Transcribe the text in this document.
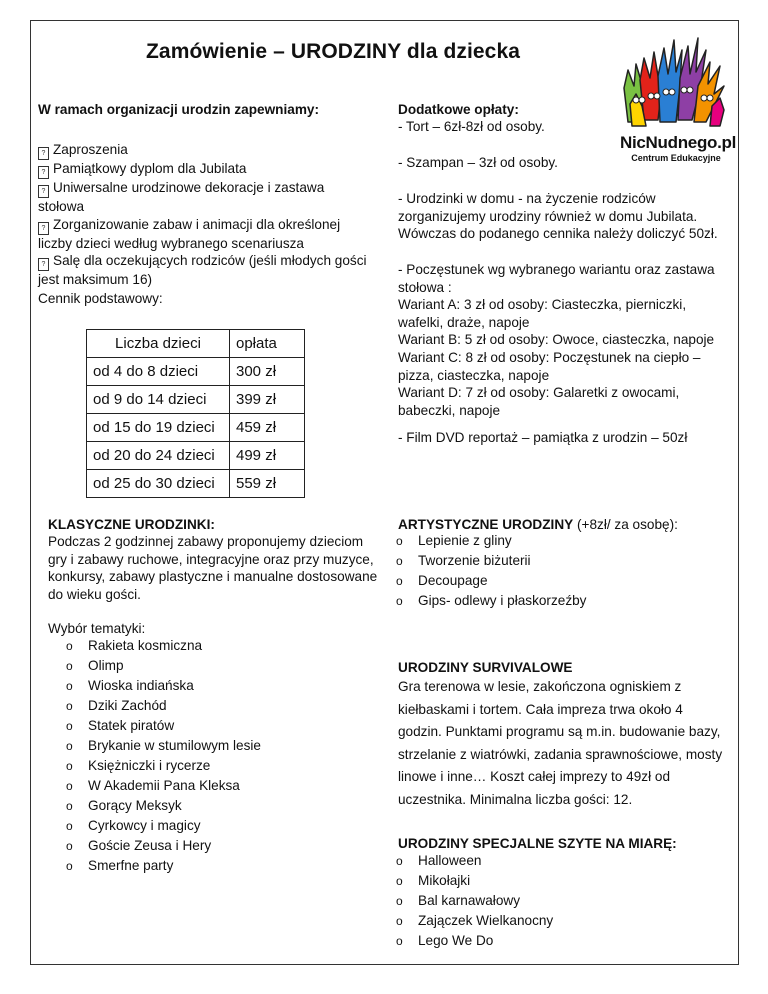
Zamówienie – URODZINY dla dziecka
W ramach organizacji urodzin zapewniamy:
? Zaproszenia
? Pamiątkowy dyplom dla Jubilata
? Uniwersalne urodzinowe dekoracje i zastawa stołowa
? Zorganizowanie zabaw i animacji dla określonej liczby dzieci według wybranego scenariusza
? Salę dla oczekujących rodziców (jeśli młodych gości jest maksimum 16)
Cennik podstawowy:
Liczba dzieci	opłata
od 4 do 8 dzieci	300 zł
od 9 do 14 dzieci	399 zł
od 15 do 19 dzieci	459 zł
od 20 do 24 dzieci	499 zł
od 25 do 30 dzieci	559 zł
Dodatkowe opłaty:
- Tort – 6zł-8zł od osoby.
- Szampan – 3zł od osoby.
- Urodzinki w domu - na życzenie rodziców zorganizujemy urodziny również w domu Jubilata. Wówczas do podanego cennika należy doliczyć 50zł.
- Poczęstunek wg wybranego wariantu oraz zastawa stołowa :
Wariant A: 3 zł od osoby: Ciasteczka, pierniczki, wafelki, draże, napoje
Wariant B: 5 zł od osoby: Owoce, ciasteczka, napoje
Wariant C: 8 zł od osoby: Poczęstunek na ciepło – pizza, ciasteczka, napoje
Wariant D: 7 zł od osoby: Galaretki z owocami, babeczki, napoje
- Film DVD reportaż – pamiątka z urodzin – 50zł
NicNudnego.pl
Centrum Edukacyjne
KLASYCZNE URODZINKI:
Podczas 2 godzinnej zabawy proponujemy dzieciom gry i zabawy ruchowe, integracyjne oraz przy muzyce, konkursy, zabawy plastyczne i manualne dostosowane do wieku gości.
Wybór tematyki:
o Rakieta kosmiczna
o Olimp
o Wioska indiańska
o Dziki Zachód
o Statek piratów
o Brykanie w stumilowym lesie
o Księżniczki i rycerze
o W Akademii Pana Kleksa
o Gorący Meksyk
o Cyrkowcy i magicy
o Goście Zeusa i Hery
o Smerfne party
ARTYSTYCZNE URODZINY (+8zł/ za osobę):
o Lepienie z gliny
o Tworzenie biżuterii
o Decoupage
o Gips- odlewy i płaskorzeźby
URODZINY SURVIVALOWE
Gra terenowa w lesie, zakończona ogniskiem z kiełbaskami i tortem. Cała impreza trwa około 4 godzin. Punktami programu są m.in. budowanie bazy, strzelanie z wiatrówki, zadania sprawnościowe, mosty linowe i inne… Koszt całej imprezy to 49zł od uczestnika. Minimalna liczba gości: 12.
URODZINY SPECJALNE SZYTE NA MIARĘ:
o Halloween
o Mikołajki
o Bal karnawałowy
o Zajączek Wielkanocny
o Lego We Do
